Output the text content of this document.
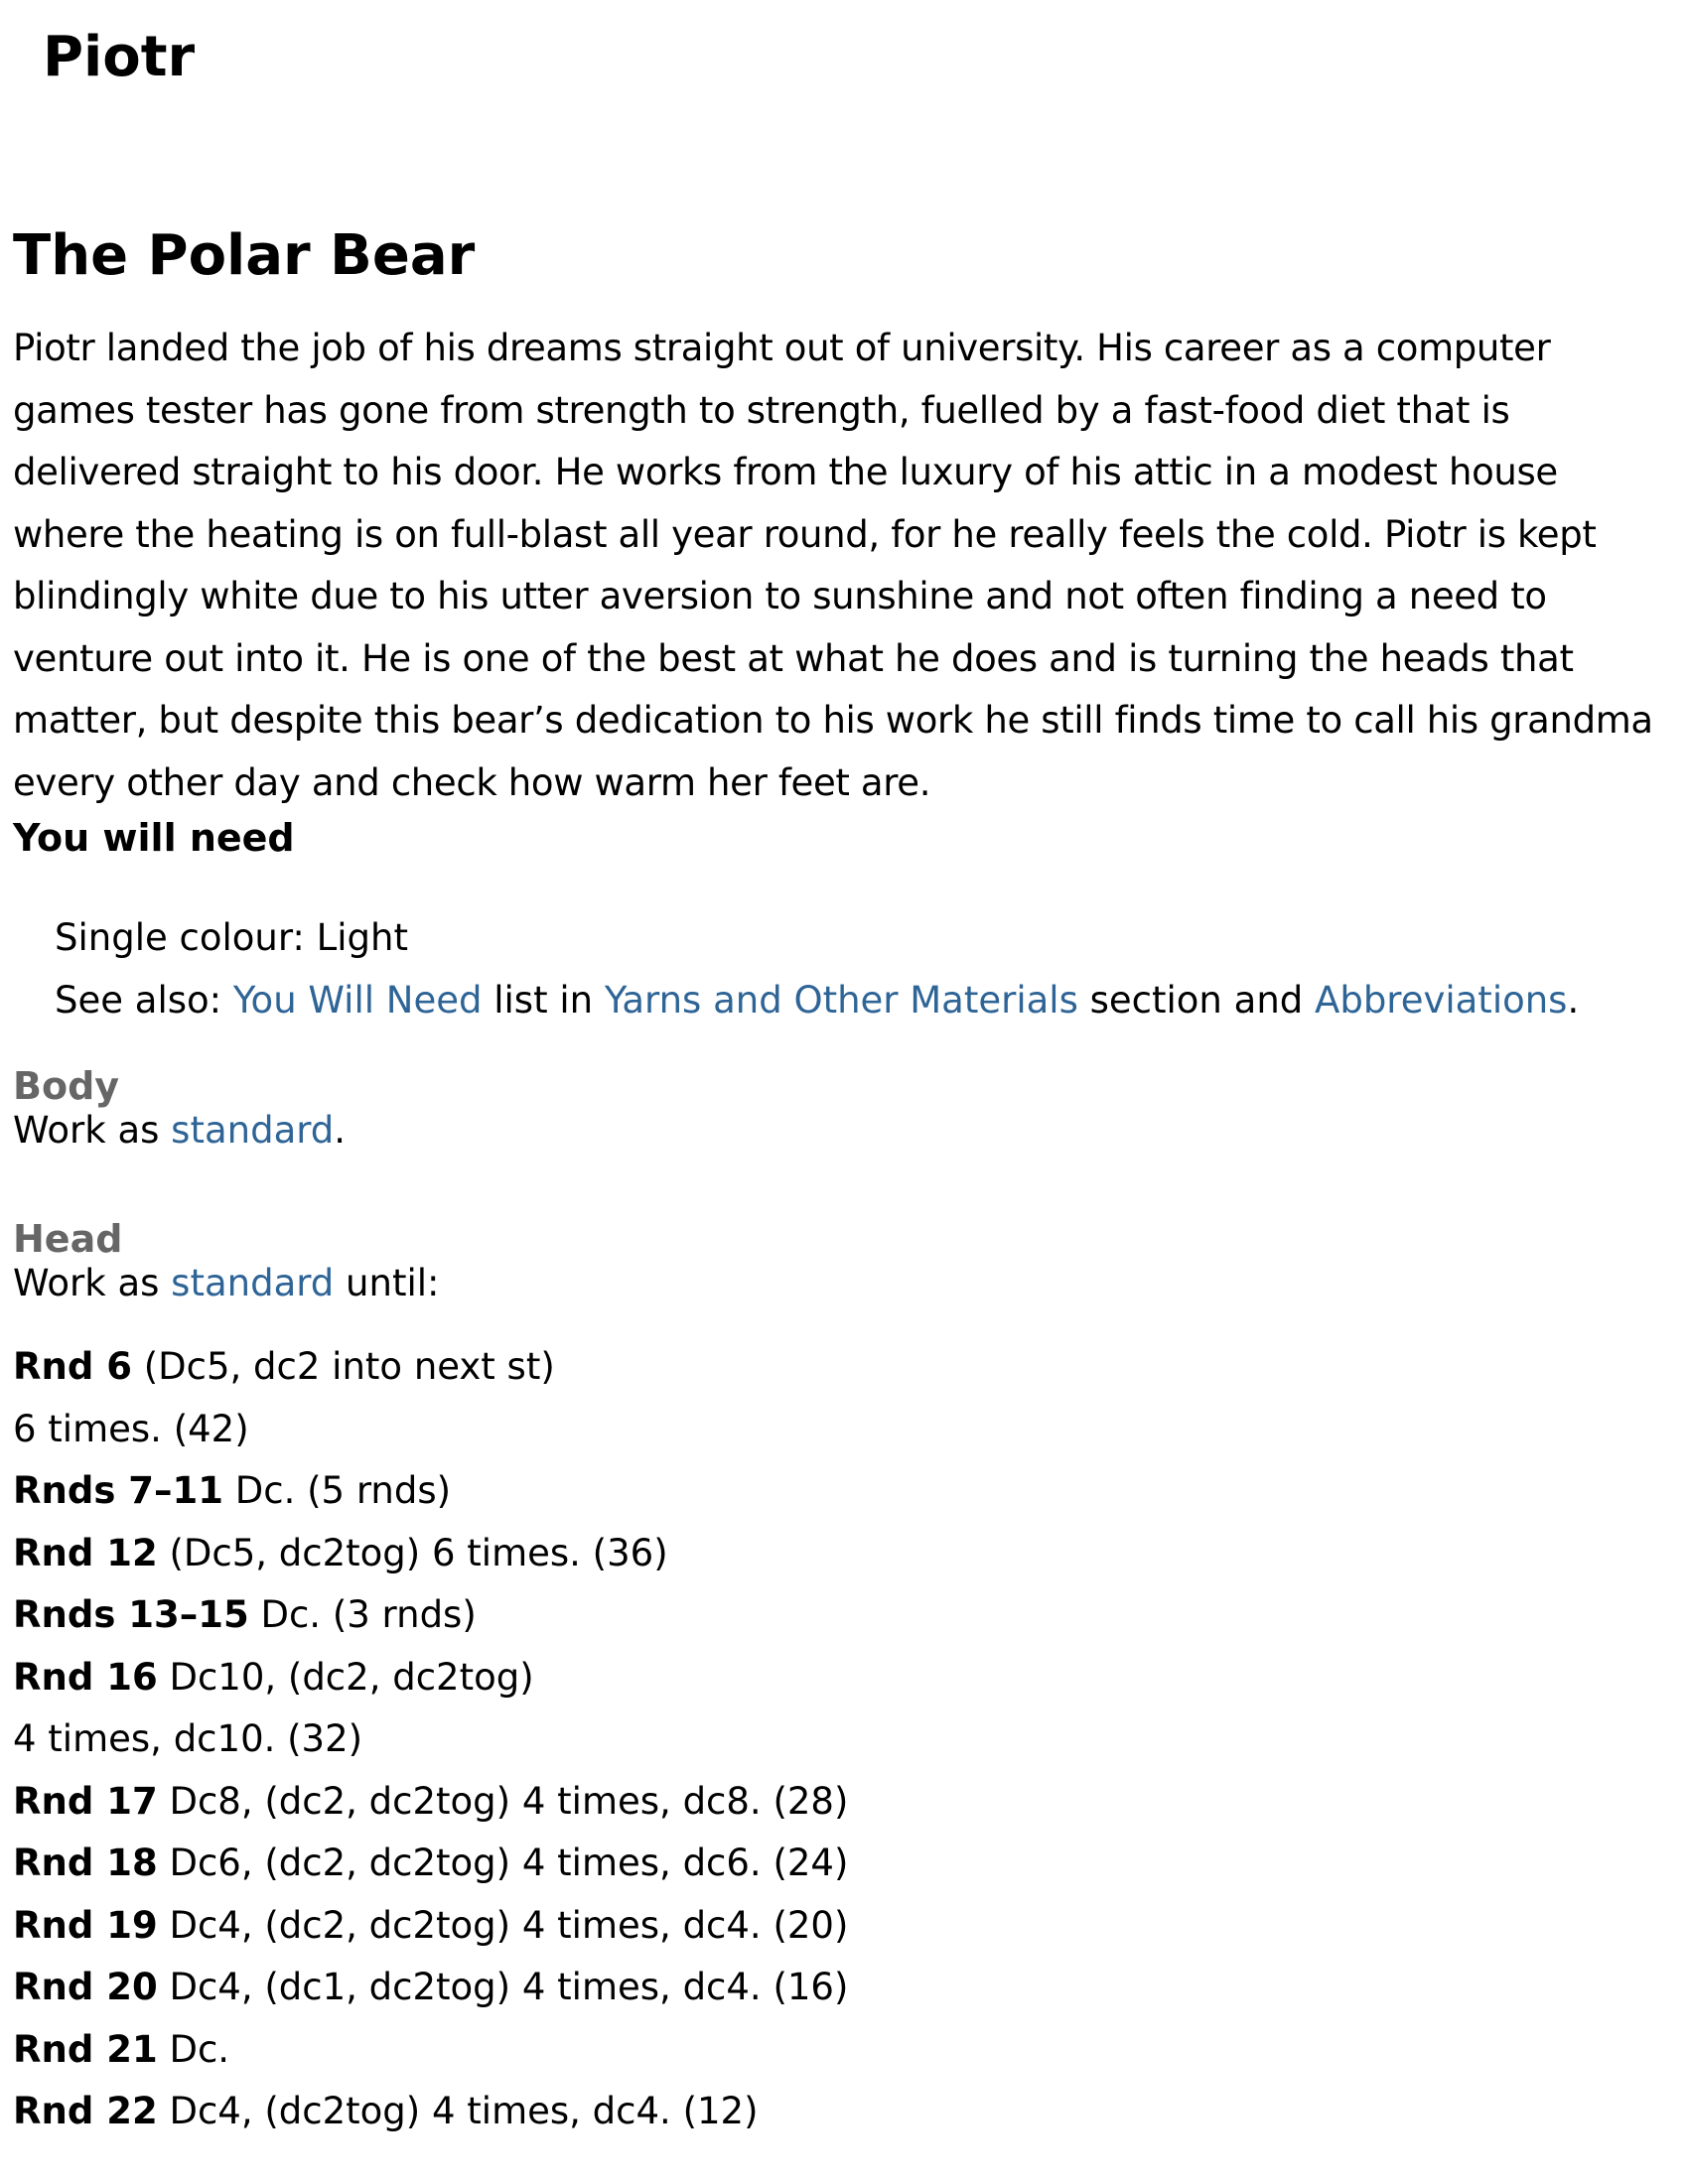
Piotr
The Polar Bear

Piotr landed the job of his dreams straight out of university. His career as a computer games tester has gone from strength to strength, fuelled by a fast-food diet that is delivered straight to his door. He works from the luxury of his attic in a modest house where the heating is on full-blast all year round, for he really feels the cold. Piotr is kept blindingly white due to his utter aversion to sunshine and not often finding a need to venture out into it. He is one of the best at what he does and is turning the heads that matter, but despite this bear’s dedication to his work he still finds time to call his grandma every other day and check how warm her feet are.

You will need

Single colour: Light

See also: You Will Need list in Yarns and Other Materials section and Abbreviations.

Body

Work as standard.

Head

Work as standard until:

Rnd 6 (Dc5, dc2 into next st)
6 times. (42)
Rnds 7–11 Dc. (5 rnds)
Rnd 12 (Dc5, dc2tog) 6 times. (36)
Rnds 13–15 Dc. (3 rnds)
Rnd 16 Dc10, (dc2, dc2tog)
4 times, dc10. (32)
Rnd 17 Dc8, (dc2, dc2tog) 4 times, dc8. (28)
Rnd 18 Dc6, (dc2, dc2tog) 4 times, dc6. (24)
Rnd 19 Dc4, (dc2, dc2tog) 4 times, dc4. (20)
Rnd 20 Dc4, (dc1, dc2tog) 4 times, dc4. (16)
Rnd 21 Dc.
Rnd 22 Dc4, (dc2tog) 4 times, dc4. (12)
